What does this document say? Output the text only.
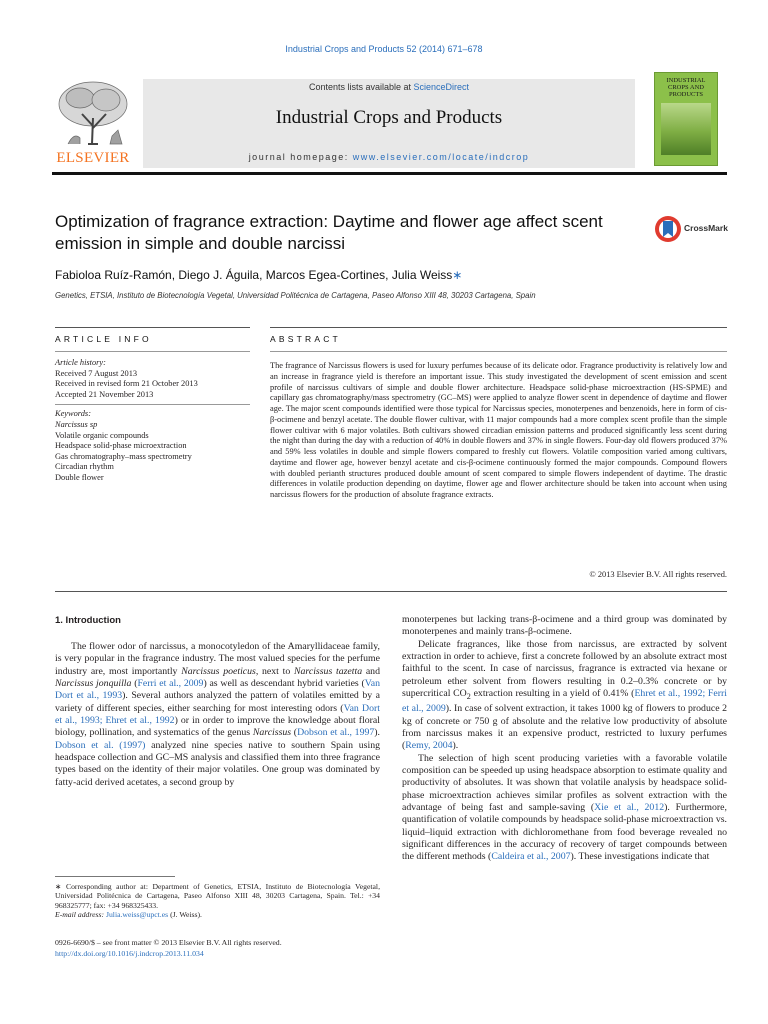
Industrial Crops and Products 52 (2014) 671–678
ELSEVIER
Contents lists available at ScienceDirect
Industrial Crops and Products
journal homepage: www.elsevier.com/locate/indcrop
INDUSTRIAL CROPS AND PRODUCTS
Optimization of fragrance extraction: Daytime and flower age affect scent emission in simple and double narcissi
CrossMark
Fabioloa Ruíz-Ramón, Diego J. Águila, Marcos Egea-Cortines, Julia Weiss∗
Genetics, ETSIA, Instituto de Biotecnología Vegetal, Universidad Politécnica de Cartagena, Paseo Alfonso XIII 48, 30203 Cartagena, Spain
ARTICLE INFO	ABSTRACT
Article history:
Received 7 August 2013
Received in revised form 21 October 2013
Accepted 21 November 2013
Keywords:
Narcissus sp
Volatile organic compounds
Headspace solid-phase microextraction
Gas chromatography–mass spectrometry
Circadian rhythm
Double flower
The fragrance of Narcissus flowers is used for luxury perfumes because of its delicate odor. Fragrance productivity is relatively low and an increase in fragrance yield is therefore an important issue. This study investigated the development of scent emission and scent profile of narcissus cultivars of simple and double flower architecture. Headspace solid-phase microextraction (HS-SPME) and capillary gas chromatography/mass spectrometry (GC–MS) were applied to analyze flower scent in dependence of daytime and flower age. The major scent compounds identified were those typical for Narcissus species, monoterpenes and benzenoids, here in form of cis-β-ocimene and benzyl acetate. The double flower cultivar, with 11 major compounds had a more complex scent profile than the simple flower cultivar with 6 major volatiles. Both cultivars showed circadian emission patterns and produced significantly less scent during the night than during the day with a reduction of 40% in double flowers and 37% in single flowers. Four-day old flowers produced 37% and 59% less volatiles in double and simple flowers compared to freshly cut flowers. Volatile composition varied among cultivars, daytime and flower age, however benzyl acetate and cis-β-ocimene continuously formed the major compounds. Compound flowers with doubled perianth structures produced double amount of scent compared to simple flowers independent of daytime. The drastic differences in volatile production depending on daytime, flower age and flower architecture should be taken into account when using narcissus flowers for the production of absolute fragrance extracts.
© 2013 Elsevier B.V. All rights reserved.
1. Introduction

The flower odor of narcissus, a monocotyledon of the Amaryllidaceae family, is very popular in the fragrance industry. The most valued species for the perfume industry are, most importantly Narcissus poeticus, next to Narcissus tazetta and Narcissus jonquilla (Ferri et al., 2009) as well as descendant hybrid varieties (Van Dort et al., 1993). Several authors analyzed the pattern of volatiles emitted by a variety of different species, either searching for most interesting odors (Van Dort et al., 1993; Ehret et al., 1992) or in order to improve the knowledge about floral biology, pollination, and systematics of the genus Narcissus (Dobson et al., 1997). Dobson et al. (1997) analyzed nine species native to southern Spain using headspace collection and GC–MS analysis and classified them into three fragrance types based on the identity of their major volatiles. One group was dominated by fatty-acid derived acetates, a second group by

monoterpenes but lacking trans-β-ocimene and a third group was dominated by monoterpenes and mainly trans-β-ocimene.

Delicate fragrances, like those from narcissus, are extracted by solvent extraction in order to achieve, first a concrete followed by an absolute extract most faithful to the scent. In case of narcissus, fragrance is extracted via hexane or petroleum ether solvent from flowers resulting in 0.2–0.3% concrete or by supercritical $CO_2$ extraction resulting in a yield of 0.41% (Ehret et al., 1992; Ferri et al., 2009). In case of solvent extraction, it takes 1000 kg of flowers to produce 2 kg of concrete or 750 g of absolute and the relative low productivity of absolute from narcissus makes it an expensive product, restricted to luxury perfumes (Remy, 2004).

The selection of high scent producing varieties with a favorable volatile composition can be speeded up using headspace absorption to estimate quality and productivity of absolutes. It was shown that volatile analysis by headspace solid-phase microextraction achieves similar profiles as solvent extraction with the advantage of being fast and sample-saving (Xie et al., 2012). Furthermore, quantification of volatile compounds by headspace solid-phase microextraction vs. liquid–liquid extraction with dichloromethane from food beverage revealed no significant differences in the accuracy of recovery of target compounds between the different methods (Caldeira et al., 2007). These investigations indicate that

∗ Corresponding author at: Department of Genetics, ETSIA, Instituto de Biotecnología Vegetal, Universidad Politécnica de Cartagena, Paseo Alfonso XIII 48, 30203 Cartagena, Spain. Tel.: +34 968325777; fax: +34 968325433.
E-mail address: Julia.weiss@upct.es (J. Weiss).
0926-6690/$ – see front matter © 2013 Elsevier B.V. All rights reserved.
http://dx.doi.org/10.1016/j.indcrop.2013.11.034
